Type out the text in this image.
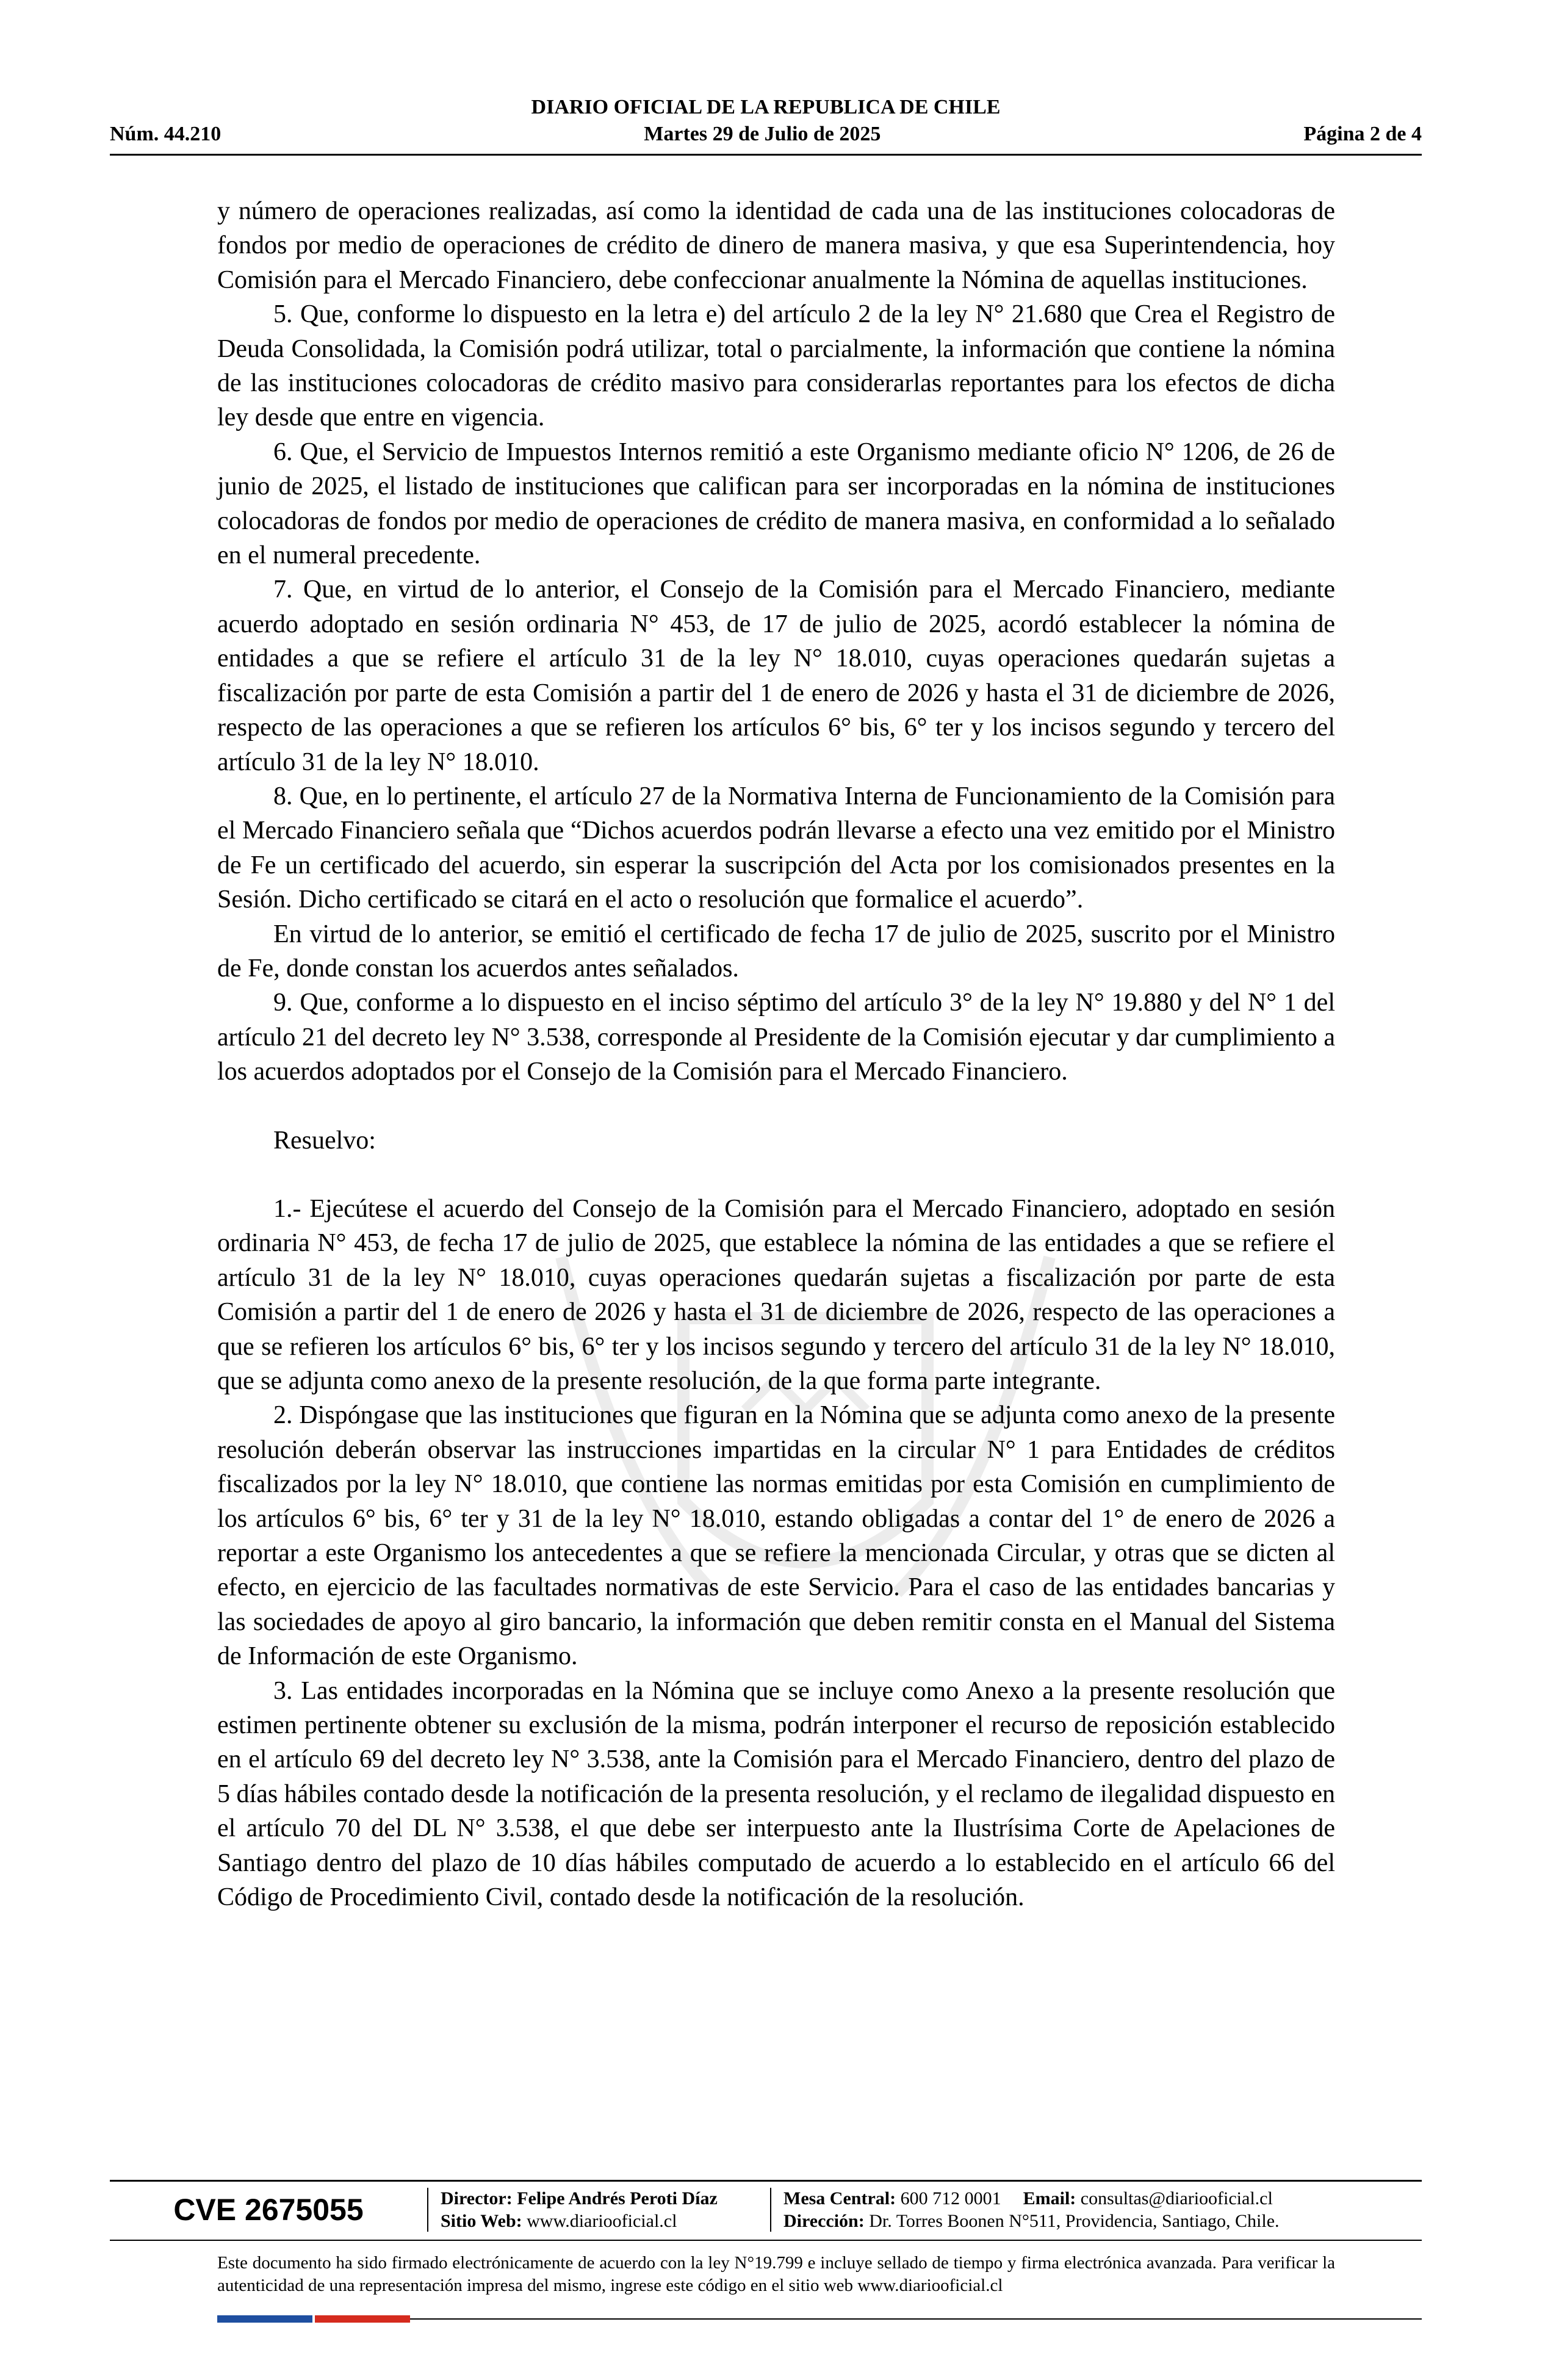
DIARIO OFICIAL DE LA REPUBLICA DE CHILE
Núm. 44.210	Martes 29 de Julio de 2025	Página 2 de 4

y número de operaciones realizadas, así como la identidad de cada una de las instituciones colocadoras de fondos por medio de operaciones de crédito de dinero de manera masiva, y que esa Superintendencia, hoy Comisión para el Mercado Financiero, debe confeccionar anualmente la Nómina de aquellas instituciones.

5. Que, conforme lo dispuesto en la letra e) del artículo 2 de la ley N° 21.680 que Crea el Registro de Deuda Consolidada, la Comisión podrá utilizar, total o parcialmente, la información que contiene la nómina de las instituciones colocadoras de crédito masivo para considerarlas reportantes para los efectos de dicha ley desde que entre en vigencia.

6. Que, el Servicio de Impuestos Internos remitió a este Organismo mediante oficio N° 1206, de 26 de junio de 2025, el listado de instituciones que califican para ser incorporadas en la nómina de instituciones colocadoras de fondos por medio de operaciones de crédito de manera masiva, en conformidad a lo señalado en el numeral precedente.

7. Que, en virtud de lo anterior, el Consejo de la Comisión para el Mercado Financiero, mediante acuerdo adoptado en sesión ordinaria N° 453, de 17 de julio de 2025, acordó establecer la nómina de entidades a que se refiere el artículo 31 de la ley N° 18.010, cuyas operaciones quedarán sujetas a fiscalización por parte de esta Comisión a partir del 1 de enero de 2026 y hasta el 31 de diciembre de 2026, respecto de las operaciones a que se refieren los artículos 6° bis, 6° ter y los incisos segundo y tercero del artículo 31 de la ley N° 18.010.

8. Que, en lo pertinente, el artículo 27 de la Normativa Interna de Funcionamiento de la Comisión para el Mercado Financiero señala que “Dichos acuerdos podrán llevarse a efecto una vez emitido por el Ministro de Fe un certificado del acuerdo, sin esperar la suscripción del Acta por los comisionados presentes en la Sesión. Dicho certificado se citará en el acto o resolución que formalice el acuerdo”.

En virtud de lo anterior, se emitió el certificado de fecha 17 de julio de 2025, suscrito por el Ministro de Fe, donde constan los acuerdos antes señalados.

9. Que, conforme a lo dispuesto en el inciso séptimo del artículo 3° de la ley N° 19.880 y del N° 1 del artículo 21 del decreto ley N° 3.538, corresponde al Presidente de la Comisión ejecutar y dar cumplimiento a los acuerdos adoptados por el Consejo de la Comisión para el Mercado Financiero.

Resuelvo:

1.- Ejecútese el acuerdo del Consejo de la Comisión para el Mercado Financiero, adoptado en sesión ordinaria N° 453, de fecha 17 de julio de 2025, que establece la nómina de las entidades a que se refiere el artículo 31 de la ley N° 18.010, cuyas operaciones quedarán sujetas a fiscalización por parte de esta Comisión a partir del 1 de enero de 2026 y hasta el 31 de diciembre de 2026, respecto de las operaciones a que se refieren los artículos 6° bis, 6° ter y los incisos segundo y tercero del artículo 31 de la ley N° 18.010, que se adjunta como anexo de la presente resolución, de la que forma parte integrante.

2. Dispóngase que las instituciones que figuran en la Nómina que se adjunta como anexo de la presente resolución deberán observar las instrucciones impartidas en la circular N° 1 para Entidades de créditos fiscalizados por la ley N° 18.010, que contiene las normas emitidas por esta Comisión en cumplimiento de los artículos 6° bis, 6° ter y 31 de la ley N° 18.010, estando obligadas a contar del 1° de enero de 2026 a reportar a este Organismo los antecedentes a que se refiere la mencionada Circular, y otras que se dicten al efecto, en ejercicio de las facultades normativas de este Servicio. Para el caso de las entidades bancarias y las sociedades de apoyo al giro bancario, la información que deben remitir consta en el Manual del Sistema de Información de este Organismo.

3. Las entidades incorporadas en la Nómina que se incluye como Anexo a la presente resolución que estimen pertinente obtener su exclusión de la misma, podrán interponer el recurso de reposición establecido en el artículo 69 del decreto ley N° 3.538, ante la Comisión para el Mercado Financiero, dentro del plazo de 5 días hábiles contado desde la notificación de la presenta resolución, y el reclamo de ilegalidad dispuesto en el artículo 70 del DL N° 3.538, el que debe ser interpuesto ante la Ilustrísima Corte de Apelaciones de Santiago dentro del plazo de 10 días hábiles computado de acuerdo a lo establecido en el artículo 66 del Código de Procedimiento Civil, contado desde la notificación de la resolución.

CVE 2675055	Director: Felipe Andrés Peroti Díaz
Sitio Web: www.diariooficial.cl
Mesa Central: 600 712 0001 Email: consultas@diariooficial.cl
Dirección: Dr. Torres Boonen N°511, Providencia, Santiago, Chile.
Este documento ha sido firmado electrónicamente de acuerdo con la ley N°19.799 e incluye sellado de tiempo y firma electrónica avanzada. Para verificar la autenticidad de una representación impresa del mismo, ingrese este código en el sitio web www.diariooficial.cl
